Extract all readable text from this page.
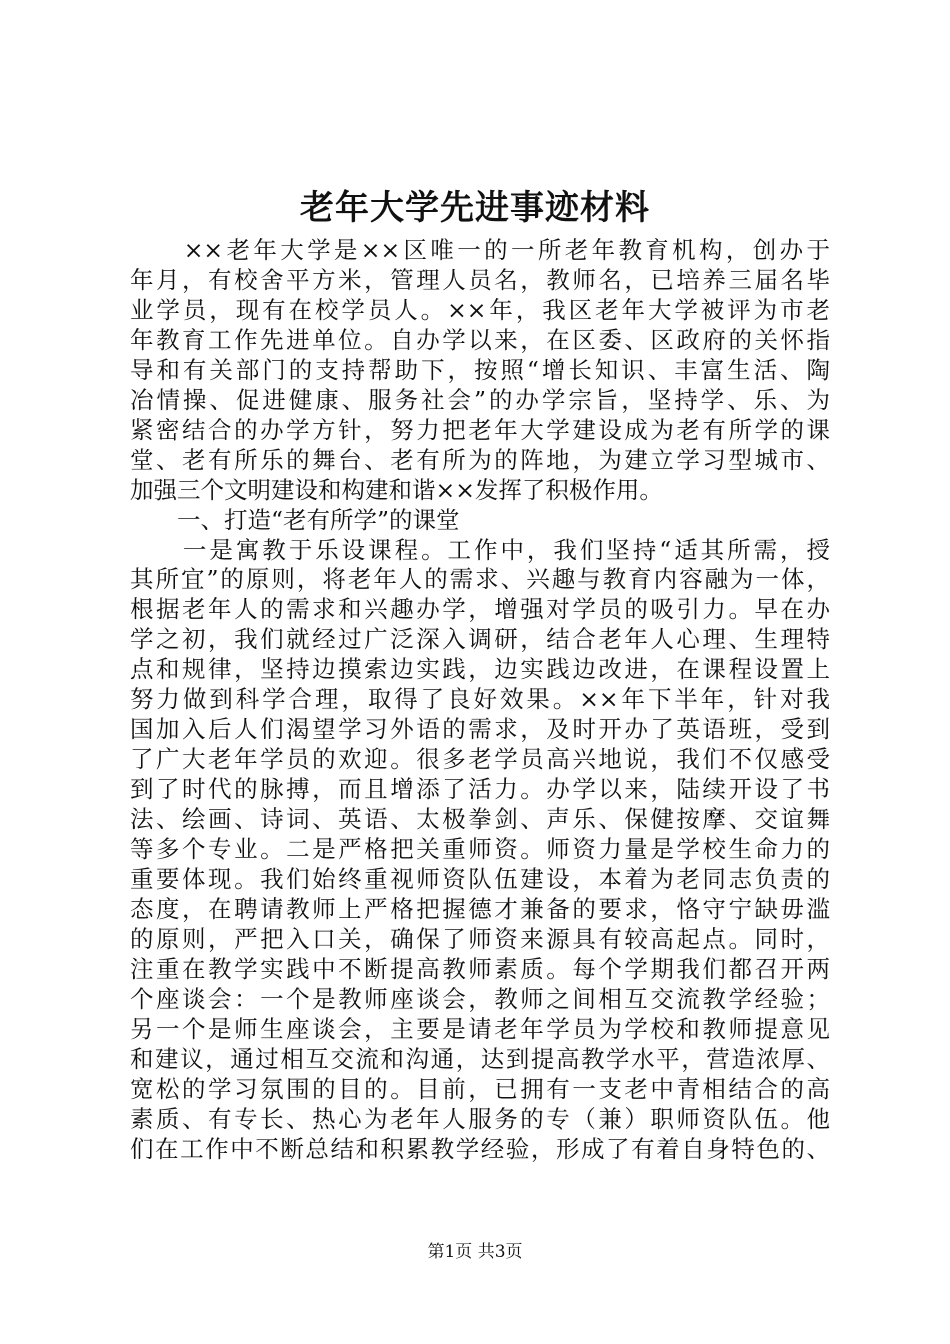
老年大学先进事迹材料
　　××老年大学是××区唯一的一所老年教育机构，创办于
年月，有校舍平方米，管理人员名，教师名，已培养三届名毕
业学员，现有在校学员人。××年，我区老年大学被评为市老
年教育工作先进单位。自办学以来，在区委、区政府的关怀指
导和有关部门的支持帮助下，按照“增长知识、丰富生活、陶
冶情操、促进健康、服务社会”的办学宗旨，坚持学、乐、为
紧密结合的办学方针，努力把老年大学建设成为老有所学的课
堂、老有所乐的舞台、老有所为的阵地，为建立学习型城市、
加强三个文明建设和构建和谐××发挥了积极作用。
　　一、打造“老有所学”的课堂
　　一是寓教于乐设课程。工作中，我们坚持“适其所需，授
其所宜”的原则，将老年人的需求、兴趣与教育内容融为一体，
根据老年人的需求和兴趣办学，增强对学员的吸引力。早在办
学之初，我们就经过广泛深入调研，结合老年人心理、生理特
点和规律，坚持边摸索边实践，边实践边改进，在课程设置上
努力做到科学合理，取得了良好效果。××年下半年，针对我
国加入后人们渴望学习外语的需求，及时开办了英语班，受到
了广大老年学员的欢迎。很多老学员高兴地说，我们不仅感受
到了时代的脉搏，而且增添了活力。办学以来，陆续开设了书
法、绘画、诗词、英语、太极拳剑、声乐、保健按摩、交谊舞
等多个专业。二是严格把关重师资。师资力量是学校生命力的
重要体现。我们始终重视师资队伍建设，本着为老同志负责的
态度，在聘请教师上严格把握德才兼备的要求，恪守宁缺毋滥
的原则，严把入口关，确保了师资来源具有较高起点。同时，
注重在教学实践中不断提高教师素质。每个学期我们都召开两
个座谈会：一个是教师座谈会，教师之间相互交流教学经验；
另一个是师生座谈会，主要是请老年学员为学校和教师提意见
和建议，通过相互交流和沟通，达到提高教学水平，营造浓厚、
宽松的学习氛围的目的。目前，已拥有一支老中青相结合的高
素质、有专长、热心为老年人服务的专（兼）职师资队伍。他
们在工作中不断总结和积累教学经验，形成了有着自身特色的、
第1页 共3页
